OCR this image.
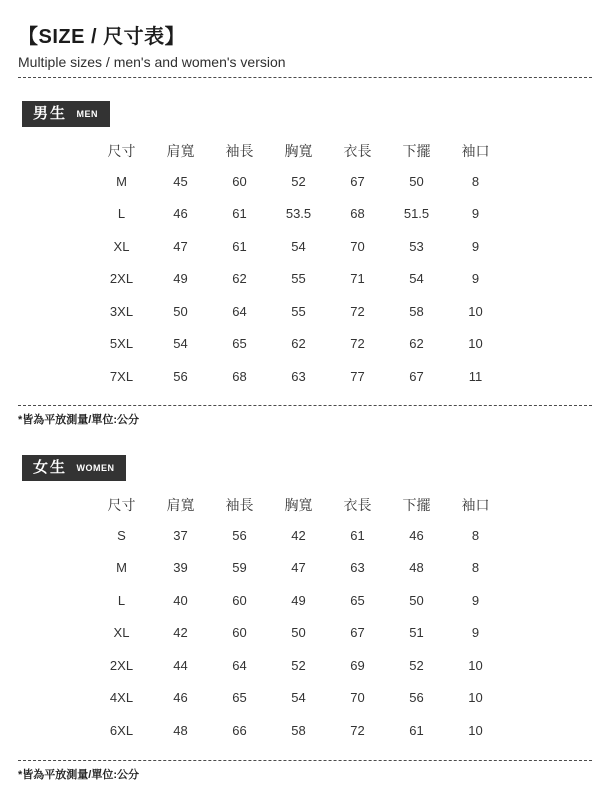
【SIZE / 尺寸表】

Multiple sizes / men's and women's version

男生 MEN
尺寸	肩寬	袖長	胸寬	衣長	下擺	袖口
M	45	60	52	67	50	8
L	46	61	53.5	68	51.5	9
XL	47	61	54	70	53	9
2XL	49	62	55	71	54	9
3XL	50	64	55	72	58	10
5XL	54	65	62	72	62	10
7XL	56	68	63	77	67	11

*皆為平放測量/單位:公分

女生 WOMEN
尺寸	肩寬	袖長	胸寬	衣長	下擺	袖口
S	37	56	42	61	46	8
M	39	59	47	63	48	8
L	40	60	49	65	50	9
XL	42	60	50	67	51	9
2XL	44	64	52	69	52	10
4XL	46	65	54	70	56	10
6XL	48	66	58	72	61	10

*皆為平放測量/單位:公分
